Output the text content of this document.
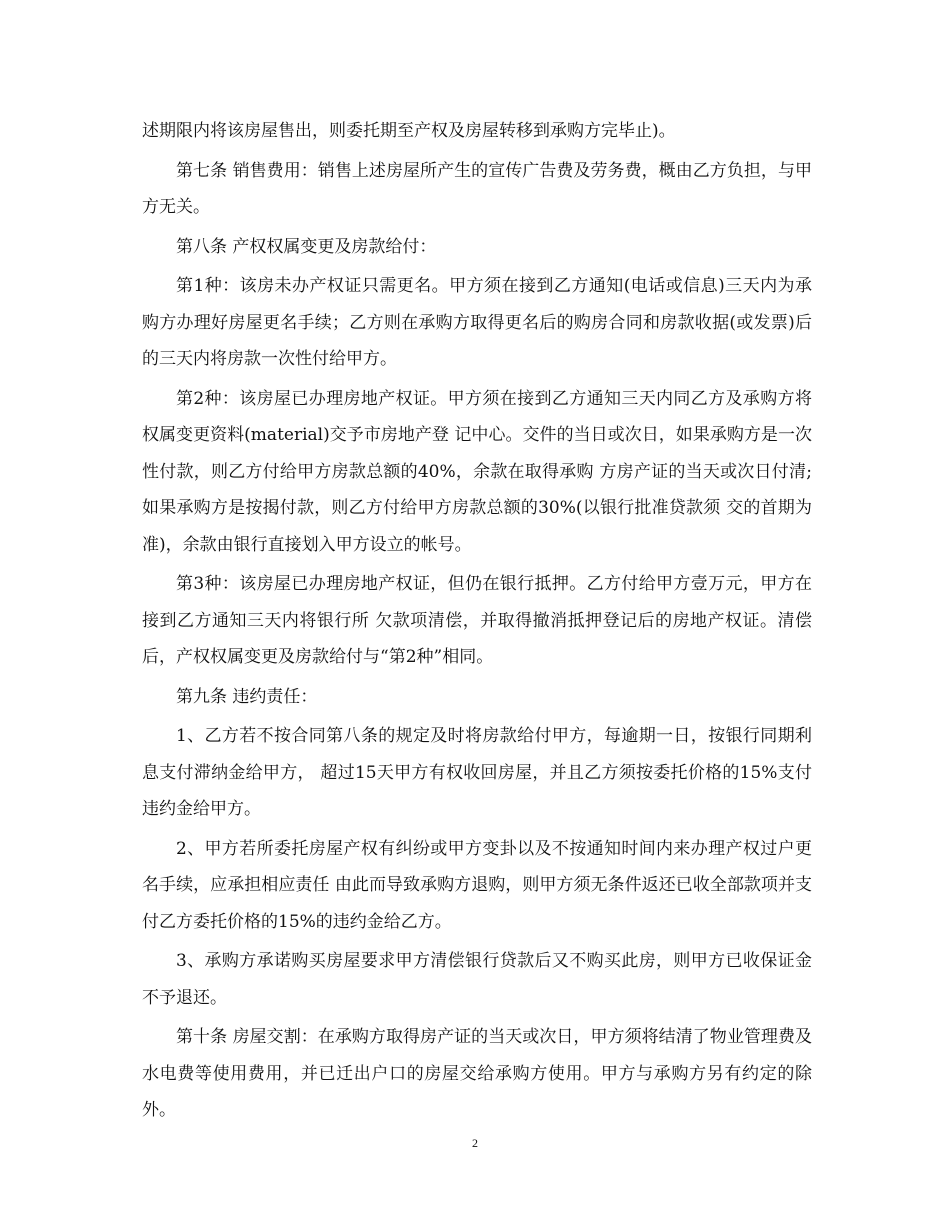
述期限内将该房屋售出，则委托期至产权及房屋转移到承购方完毕止)。

第七条 销售费用：销售上述房屋所产生的宣传广告费及劳务费，概由乙方负担，与甲方无关。

第八条 产权权属变更及房款给付：

第1种：该房未办产权证只需更名。甲方须在接到乙方通知(电话或信息)三天内为承购方办理好房屋更名手续；乙方则在承购方取得更名后的购房合同和房款收据(或发票)后的三天内将房款一次性付给甲方。

第2种：该房屋已办理房地产权证。甲方须在接到乙方通知三天内同乙方及承购方将权属变更资料(material)交予市房地产登 记中心。交件的当日或次日，如果承购方是一次性付款，则乙方付给甲方房款总额的40%，余款在取得承购 方房产证的当天或次日付清;如果承购方是按揭付款，则乙方付给甲方房款总额的30%(以银行批准贷款须 交的首期为准)，余款由银行直接划入甲方设立的帐号。

第3种：该房屋已办理房地产权证，但仍在银行抵押。乙方付给甲方壹万元，甲方在接到乙方通知三天内将银行所 欠款项清偿，并取得撤消抵押登记后的房地产权证。清偿后，产权权属变更及房款给付与“第2种”相同。

第九条 违约责任：

1、乙方若不按合同第八条的规定及时将房款给付甲方，每逾期一日，按银行同期利息支付滞纳金给甲方， 超过15天甲方有权收回房屋，并且乙方须按委托价格的15%支付违约金给甲方。

2、甲方若所委托房屋产权有纠纷或甲方变卦以及不按通知时间内来办理产权过户更名手续，应承担相应责任 由此而导致承购方退购，则甲方须无条件返还已收全部款项并支付乙方委托价格的15%的违约金给乙方。

3、承购方承诺购买房屋要求甲方清偿银行贷款后又不购买此房，则甲方已收保证金不予退还。

第十条 房屋交割：在承购方取得房产证的当天或次日，甲方须将结清了物业管理费及水电费等使用费用，并已迁出户口的房屋交给承购方使用。甲方与承购方另有约定的除外。

2
